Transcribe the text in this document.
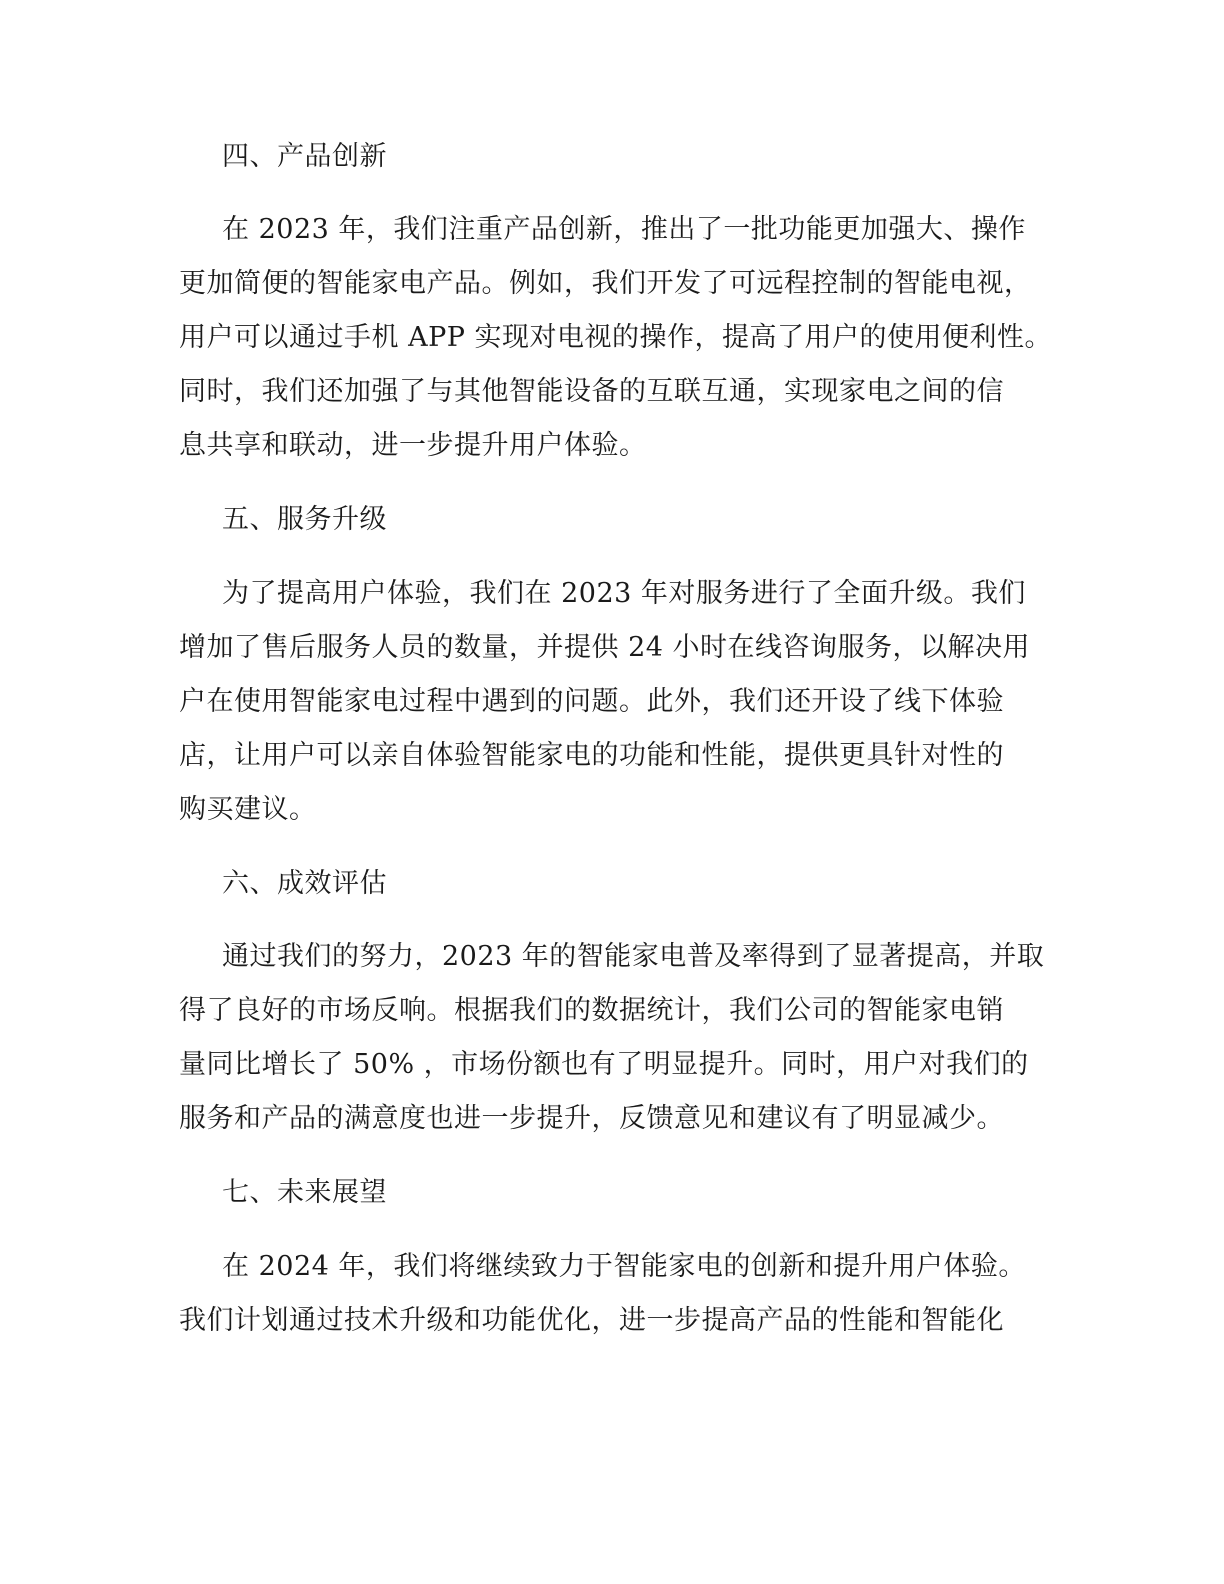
四、产品创新
在 2023 年，我们注重产品创新，推出了一批功能更加强大、操作
更加简便的智能家电产品。例如，我们开发了可远程控制的智能电视，
用户可以通过手机 APP 实现对电视的操作，提高了用户的使用便利性。
同时，我们还加强了与其他智能设备的互联互通，实现家电之间的信
息共享和联动，进一步提升用户体验。
五、服务升级
为了提高用户体验，我们在 2023 年对服务进行了全面升级。我们
增加了售后服务人员的数量，并提供 24 小时在线咨询服务，以解决用
户在使用智能家电过程中遇到的问题。此外，我们还开设了线下体验
店，让用户可以亲自体验智能家电的功能和性能，提供更具针对性的
购买建议。
六、成效评估
通过我们的努力，2023 年的智能家电普及率得到了显著提高，并取
得了良好的市场反响。根据我们的数据统计，我们公司的智能家电销
量同比增长了 50% ，市场份额也有了明显提升。同时，用户对我们的
服务和产品的满意度也进一步提升，反馈意见和建议有了明显减少。
七、未来展望
在 2024 年，我们将继续致力于智能家电的创新和提升用户体验。
我们计划通过技术升级和功能优化，进一步提高产品的性能和智能化
